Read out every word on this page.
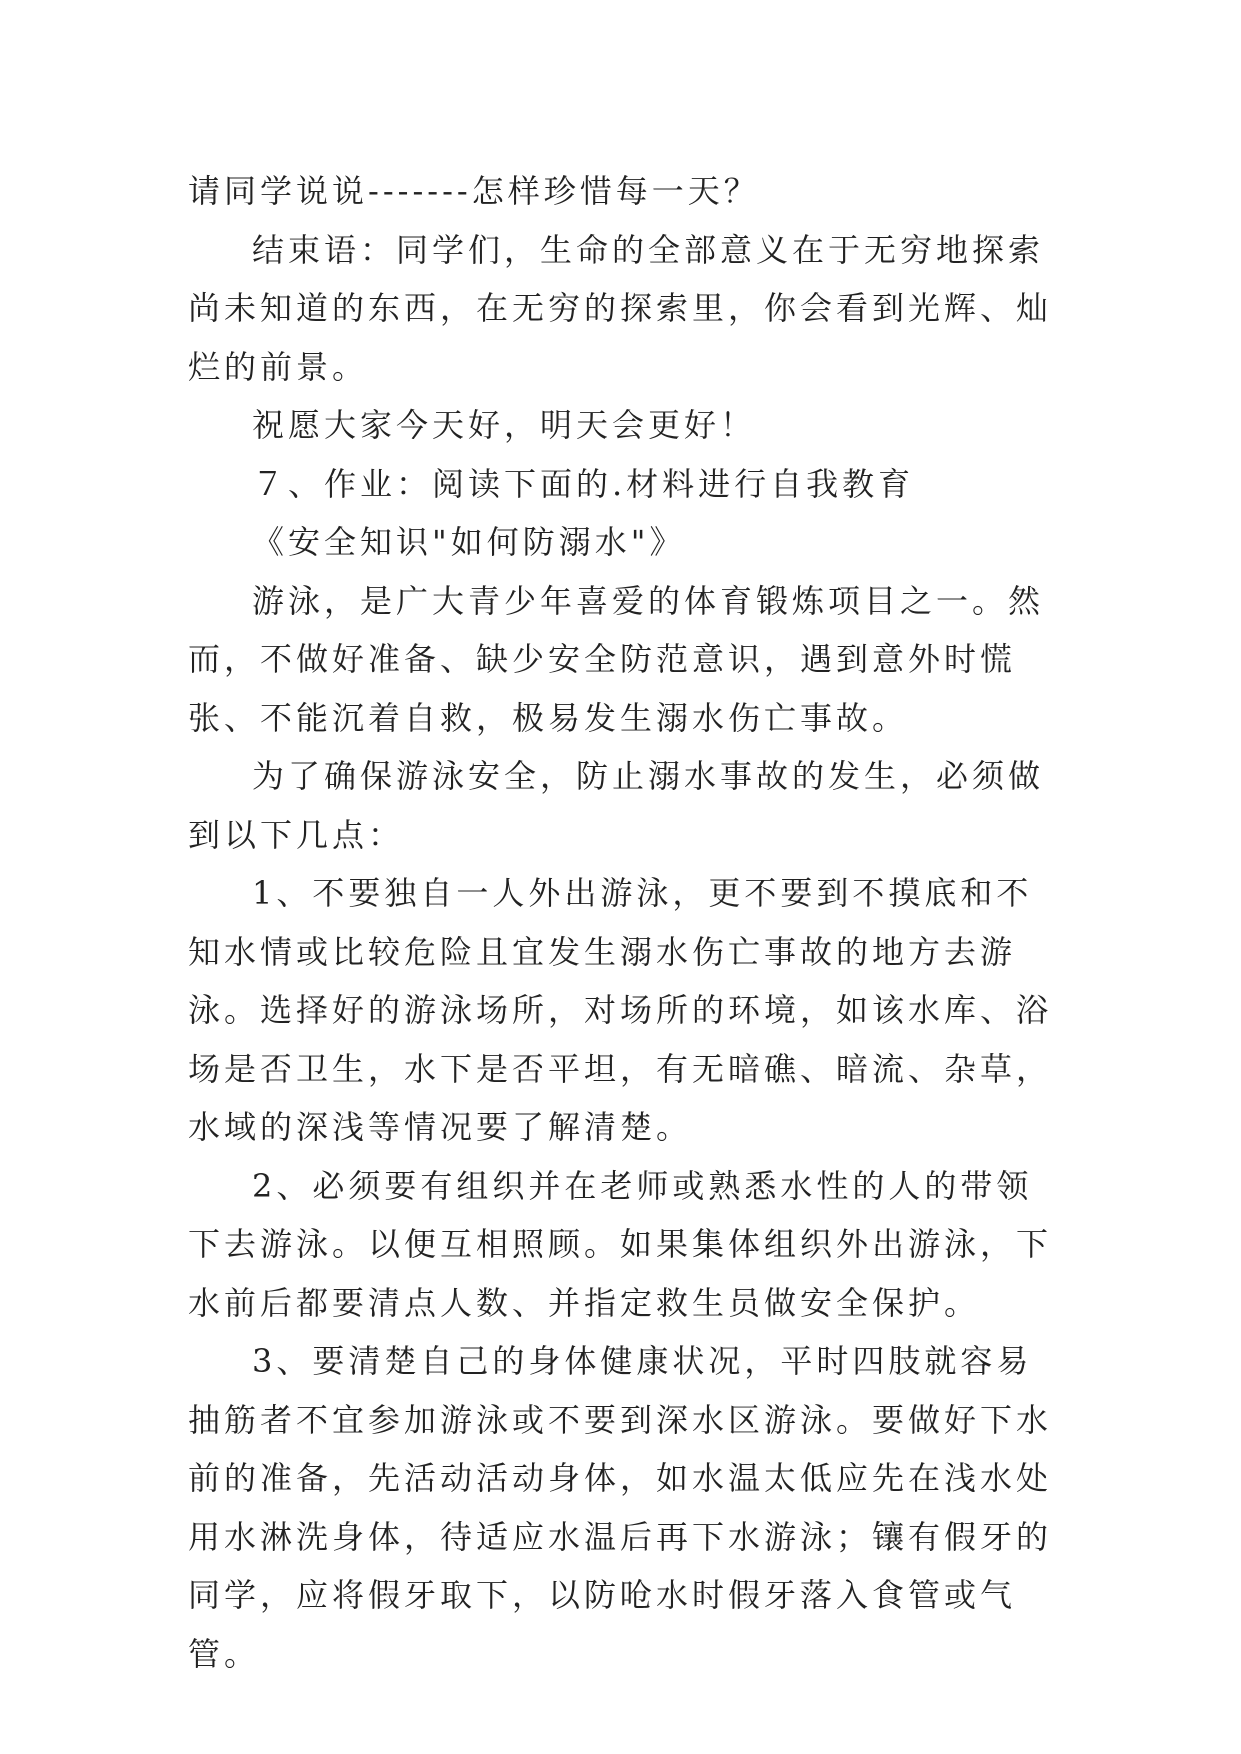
请同学说说-------怎样珍惜每一天？

结束语：同学们，生命的全部意义在于无穷地探索尚未知道的东西，在无穷的探索里，你会看到光辉、灿烂的前景。

祝愿大家今天好，明天会更好！

７、作业：阅读下面的.材料进行自我教育

《安全知识"如何防溺水"》

游泳，是广大青少年喜爱的体育锻炼项目之一。然而，不做好准备、缺少安全防范意识，遇到意外时慌张、不能沉着自救，极易发生溺水伤亡事故。

为了确保游泳安全，防止溺水事故的发生，必须做到以下几点：

1、不要独自一人外出游泳，更不要到不摸底和不知水情或比较危险且宜发生溺水伤亡事故的地方去游泳。选择好的游泳场所，对场所的环境，如该水库、浴场是否卫生，水下是否平坦，有无暗礁、暗流、杂草，水域的深浅等情况要了解清楚。

2、必须要有组织并在老师或熟悉水性的人的带领下去游泳。以便互相照顾。如果集体组织外出游泳，下水前后都要清点人数、并指定救生员做安全保护。

3、要清楚自己的身体健康状况，平时四肢就容易抽筋者不宜参加游泳或不要到深水区游泳。要做好下水前的准备，先活动活动身体，如水温太低应先在浅水处用水淋洗身体，待适应水温后再下水游泳；镶有假牙的同学，应将假牙取下，以防呛水时假牙落入食管或气管。
